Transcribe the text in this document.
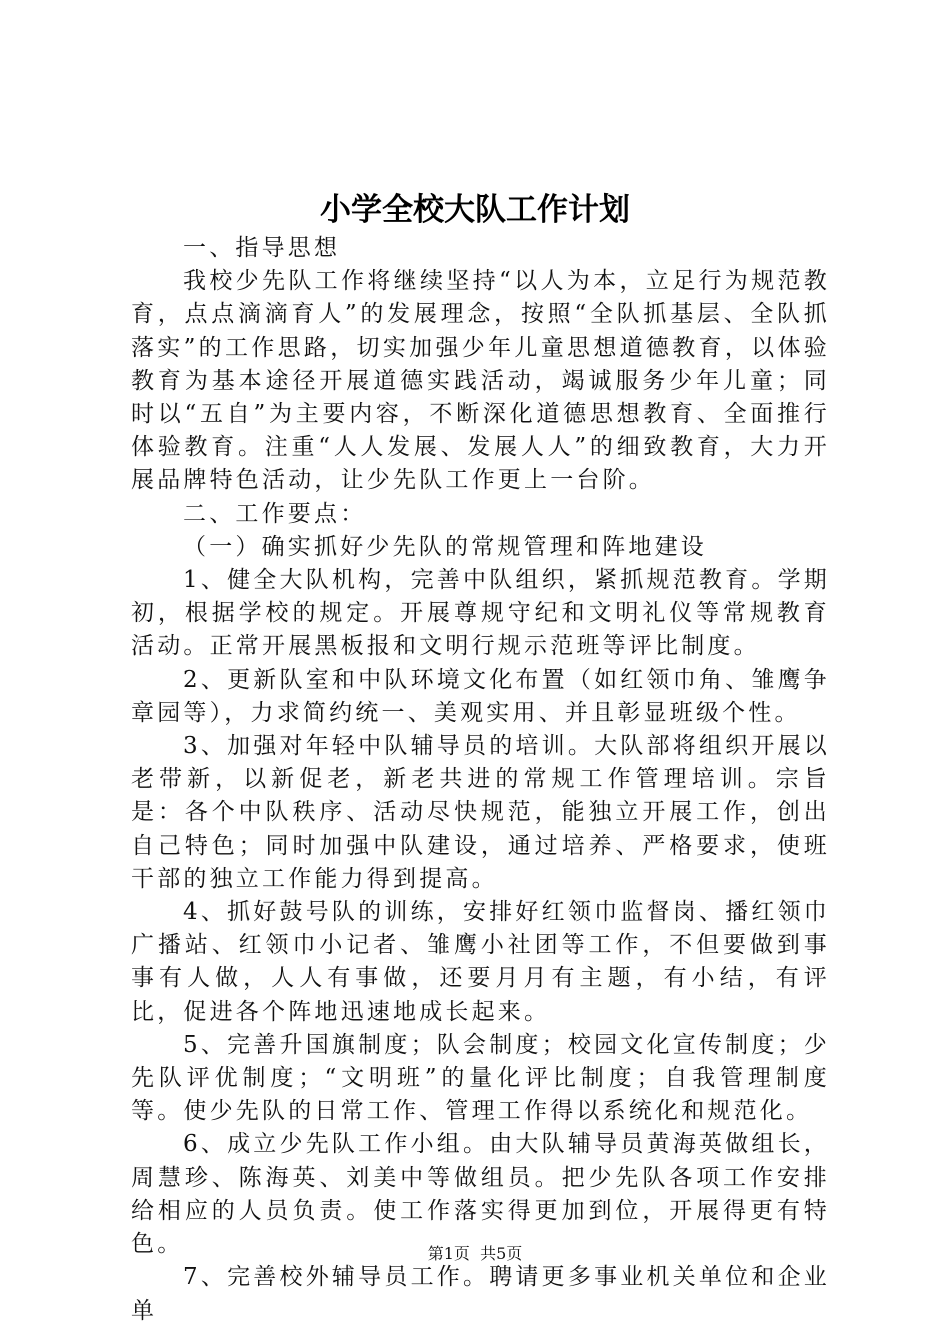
小学全校大队工作计划

一、指导思想

我校少先队工作将继续坚持“以人为本，立足行为规范教育，点点滴滴育人”的发展理念，按照“全队抓基层、全队抓落实”的工作思路，切实加强少年儿童思想道德教育，以体验教育为基本途径开展道德实践活动，竭诚服务少年儿童；同时以“五自”为主要内容，不断深化道德思想教育、全面推行体验教育。注重“人人发展、发展人人”的细致教育，大力开展品牌特色活动，让少先队工作更上一台阶。

二、工作要点：

（一）确实抓好少先队的常规管理和阵地建设

1、健全大队机构，完善中队组织，紧抓规范教育。学期初，根据学校的规定。开展尊规守纪和文明礼仪等常规教育活动。正常开展黑板报和文明行规示范班等评比制度。

2、更新队室和中队环境文化布置（如红领巾角、雏鹰争章园等），力求简约统一、美观实用、并且彰显班级个性。

3、加强对年轻中队辅导员的培训。大队部将组织开展以老带新，以新促老，新老共进的常规工作管理培训。宗旨是：各个中队秩序、活动尽快规范，能独立开展工作，创出自己特色；同时加强中队建设，通过培养、严格要求，使班干部的独立工作能力得到提高。

4、抓好鼓号队的训练，安排好红领巾监督岗、播红领巾广播站、红领巾小记者、雏鹰小社团等工作，不但要做到事事有人做，人人有事做，还要月月有主题，有小结，有评比，促进各个阵地迅速地成长起来。

5、完善升国旗制度；队会制度；校园文化宣传制度；少先队评优制度；“文明班”的量化评比制度；自我管理制度等。使少先队的日常工作、管理工作得以系统化和规范化。

6、成立少先队工作小组。由大队辅导员黄海英做组长，周慧珍、陈海英、刘美中等做组员。把少先队各项工作安排给相应的人员负责。使工作落实得更加到位，开展得更有特色。

7、完善校外辅导员工作。聘请更多事业机关单位和企业单

第1页  共5页
